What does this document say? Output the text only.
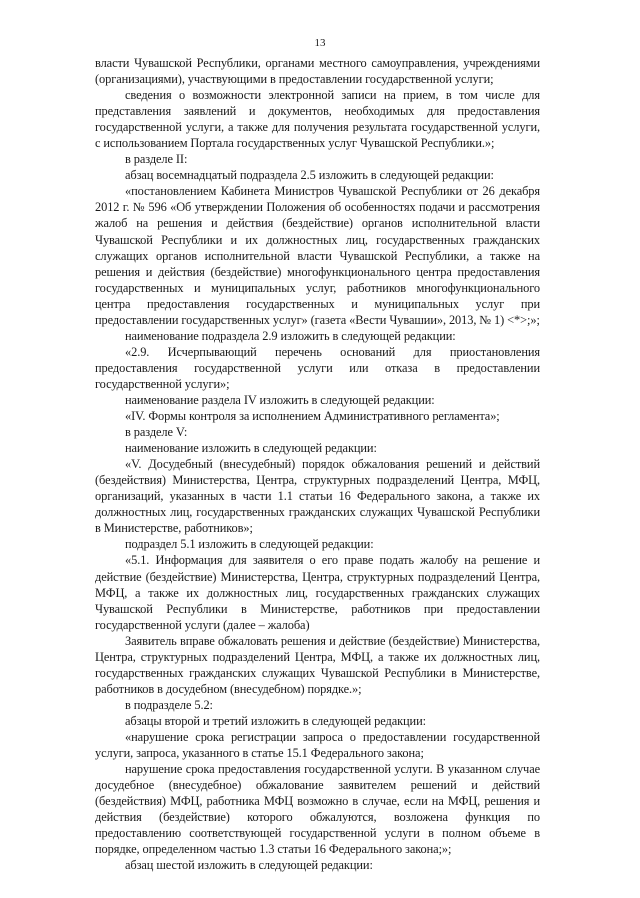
13

власти Чувашской Республики, органами местного самоуправления, учреждениями (организациями), участвующими в предоставлении государственной услуги;

сведения о возможности электронной записи на прием, в том числе для представления заявлений и документов, необходимых для предоставления государственной услуги, а также для получения результата государственной услуги, с использованием Портала государственных услуг Чувашской Республики.»;

в разделе II:

абзац восемнадцатый подраздела 2.5 изложить в следующей редакции:

«постановлением Кабинета Министров Чувашской Республики от 26 декабря 2012 г. № 596 «Об утверждении Положения об особенностях подачи и рассмотрения жалоб на решения и действия (бездействие) органов исполнительной власти Чувашской Республики и их должностных лиц, государственных гражданских служащих органов исполнительной власти Чувашской Республики, а также на решения и действия (бездействие) многофункционального центра предоставления государственных и муниципальных услуг, работников многофункционального центра предоставления государственных и муниципальных услуг при предоставлении государственных услуг» (газета «Вести Чувашии», 2013, № 1) <*>;»;

наименование подраздела 2.9 изложить в следующей редакции:

«2.9. Исчерпывающий перечень оснований для приостановления предоставления государственной услуги или отказа в предоставлении государственной услуги»;

наименование раздела IV изложить в следующей редакции:

«IV. Формы контроля за исполнением Административного регламента»;

в разделе V:

наименование изложить в следующей редакции:

«V. Досудебный (внесудебный) порядок обжалования решений и действий (бездействия) Министерства, Центра, структурных подразделений Центра, МФЦ, организаций, указанных в части 1.1 статьи 16 Федерального закона, а также их должностных лиц, государственных гражданских служащих Чувашской Республики в Министерстве, работников»;

подраздел 5.1 изложить в следующей редакции:

«5.1. Информация для заявителя о его праве подать жалобу на решение и действие (бездействие) Министерства, Центра, структурных подразделений Центра, МФЦ, а также их должностных лиц, государственных гражданских служащих Чувашской Республики в Министерстве, работников при предоставлении государственной услуги (далее – жалоба)

Заявитель вправе обжаловать решения и действие (бездействие) Министерства, Центра, структурных подразделений Центра, МФЦ, а также их должностных лиц, государственных гражданских служащих Чувашской Республики в Министерстве, работников в досудебном (внесудебном) порядке.»;

в подразделе 5.2:

абзацы второй и третий изложить в следующей редакции:

«нарушение срока регистрации запроса о предоставлении государственной услуги, запроса, указанного в статье 15.1 Федерального закона;

нарушение срока предоставления государственной услуги. В указанном случае досудебное (внесудебное) обжалование заявителем решений и действий (бездействия) МФЦ, работника МФЦ возможно в случае, если на МФЦ, решения и действия (бездействие) которого обжалуются, возложена функция по предоставлению соответствующей государственной услуги в полном объеме в порядке, определенном частью 1.3 статьи 16 Федерального закона;»;

абзац шестой изложить в следующей редакции:
